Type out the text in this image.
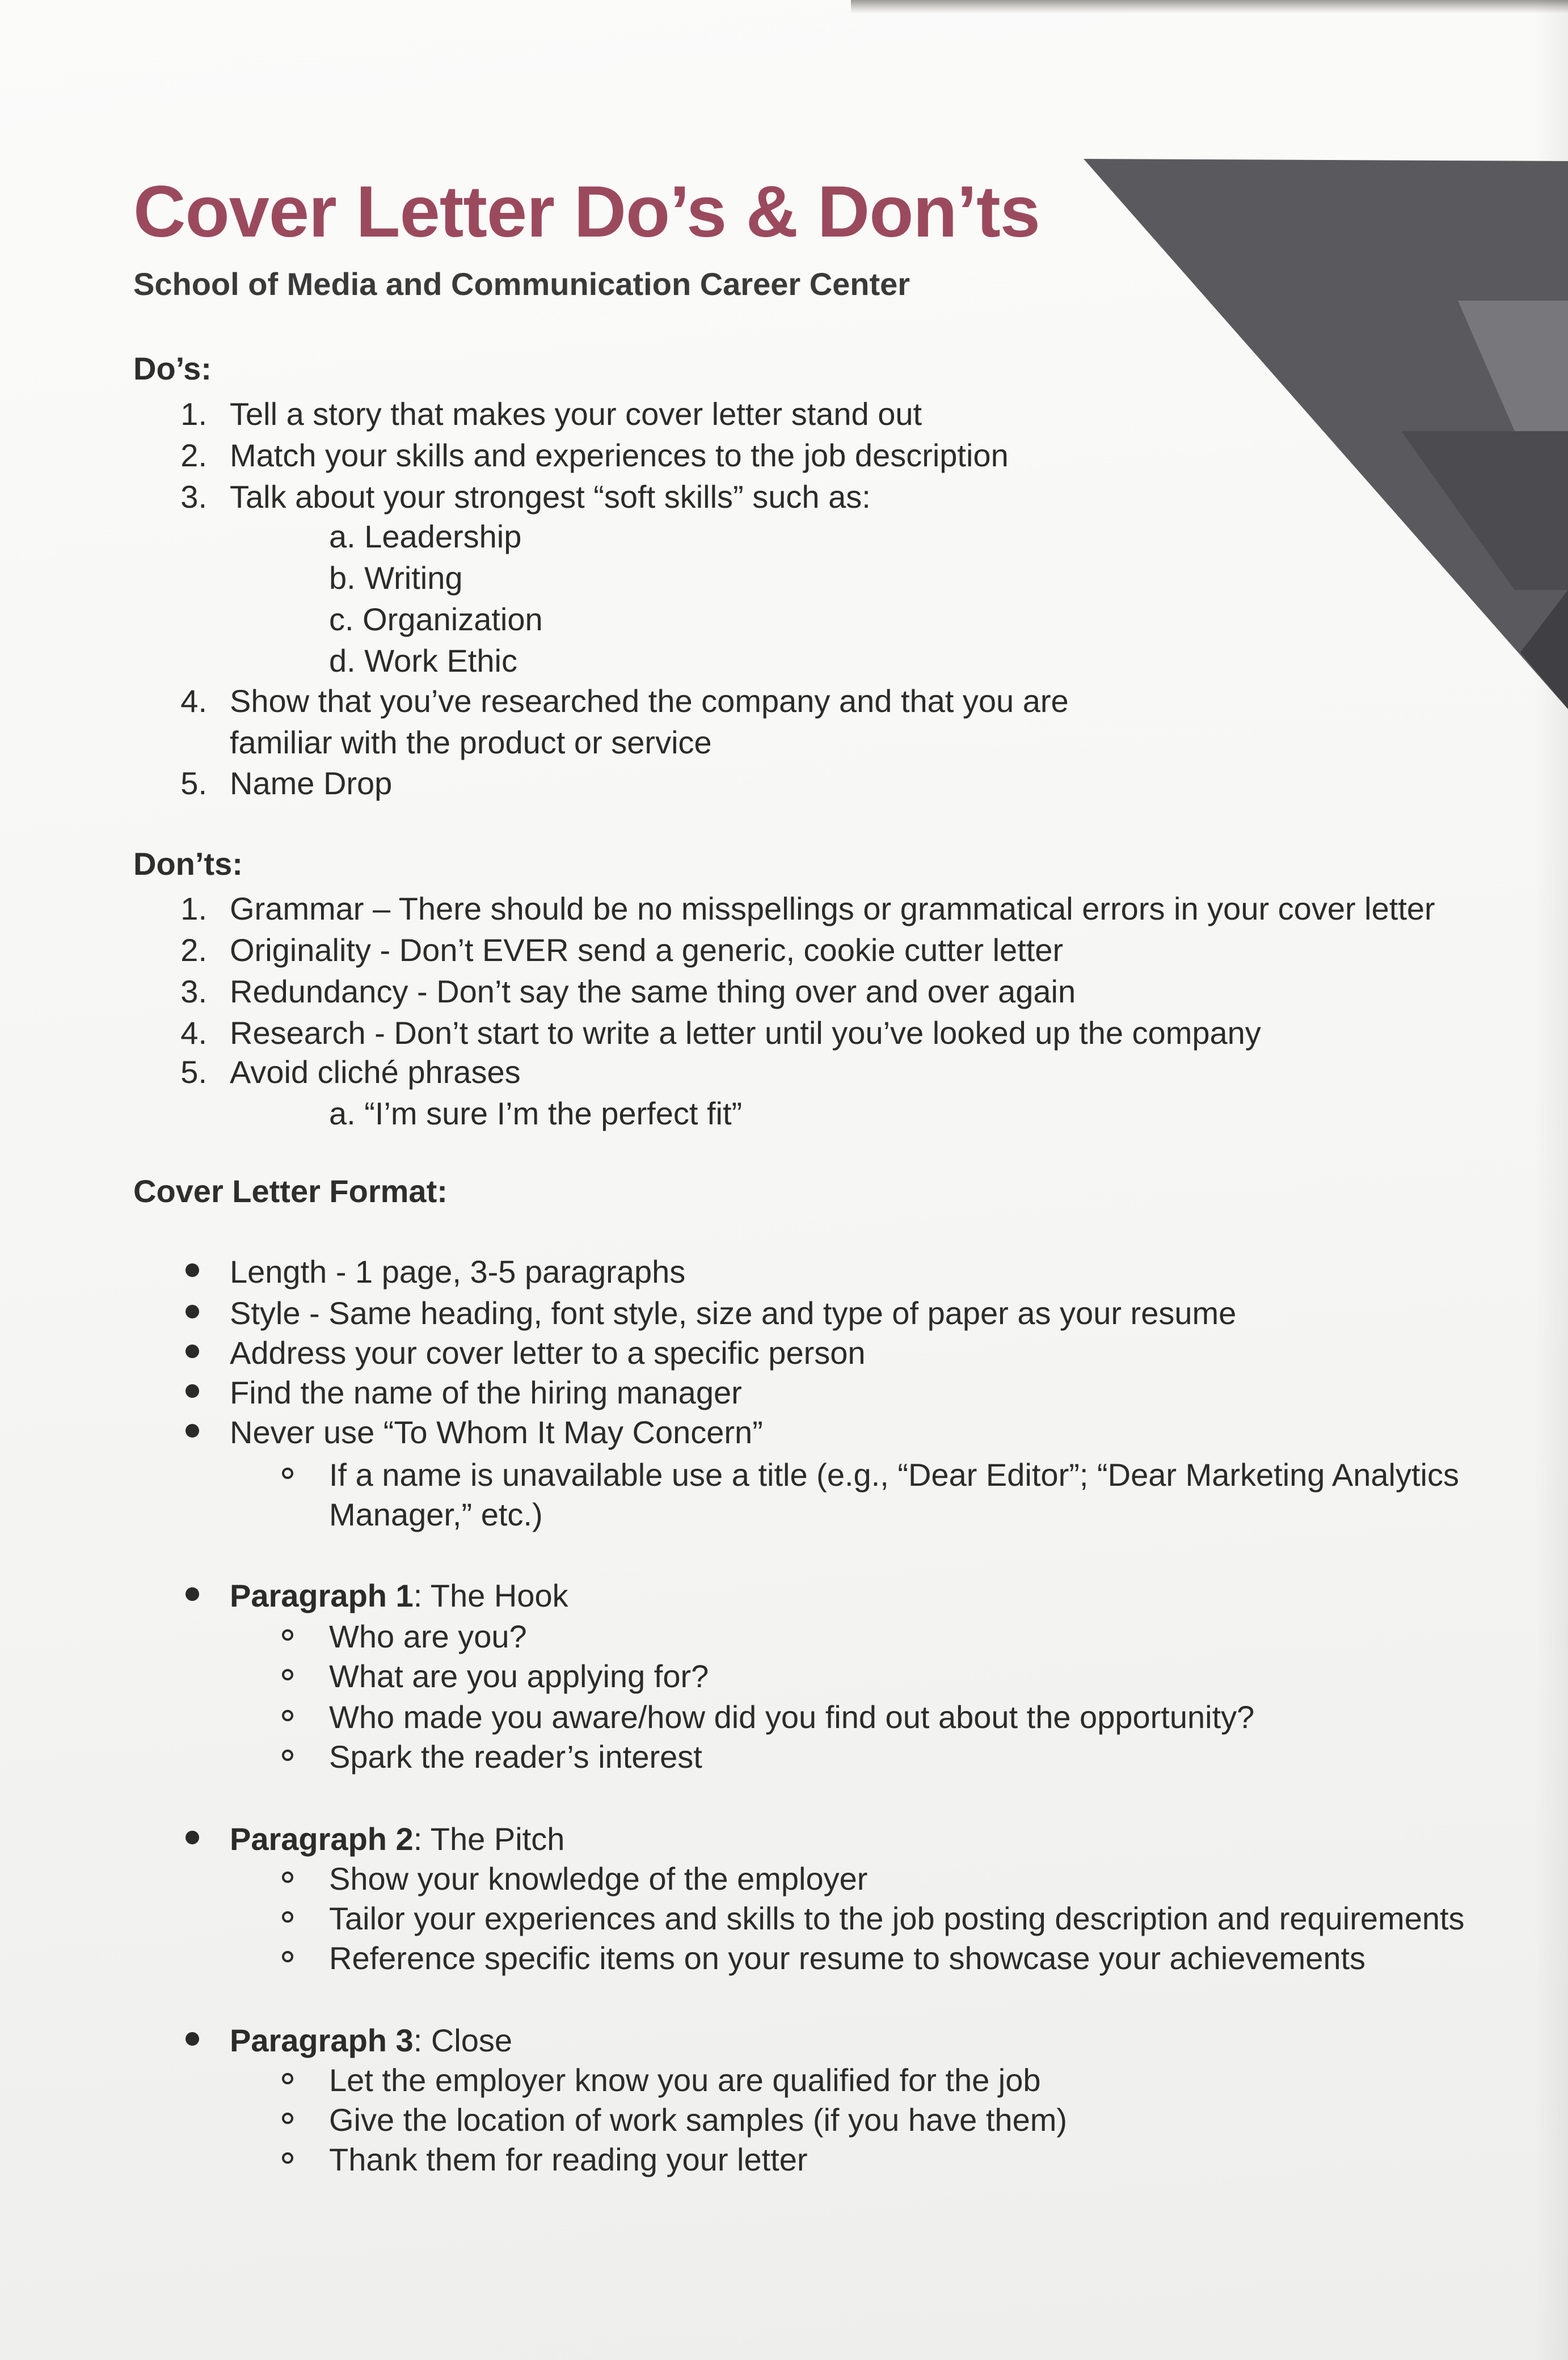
Cover Letter Do’s & Don’ts
School of Media and Communication Career Center
Do’s:
1. Tell a story that makes your cover letter stand out
2. Match your skills and experiences to the job description
3. Talk about your strongest “soft skills” such as:
a. Leadership
b. Writing
c. Organization
d. Work Ethic
4. Show that you’ve researched the company and that you are
familiar with the product or service
5. Name Drop
Don’ts:
1. Grammar – There should be no misspellings or grammatical errors in your cover letter
2. Originality - Don’t EVER send a generic, cookie cutter letter
3. Redundancy - Don’t say the same thing over and over again
4. Research - Don’t start to write a letter until you’ve looked up the company
5. Avoid cliché phrases
a. “I’m sure I’m the perfect fit”
Cover Letter Format:
Length - 1 page, 3-5 paragraphs
Style - Same heading, font style, size and type of paper as your resume
Address your cover letter to a specific person
Find the name of the hiring manager
Never use “To Whom It May Concern”
If a name is unavailable use a title (e.g., “Dear Editor”; “Dear Marketing Analytics
Manager,” etc.)
Paragraph 1: The Hook
Who are you?
What are you applying for?
Who made you aware/how did you find out about the opportunity?
Spark the reader’s interest
Paragraph 2: The Pitch
Show your knowledge of the employer
Tailor your experiences and skills to the job posting description and requirements
Reference specific items on your resume to showcase your achievements
Paragraph 3: Close
Let the employer know you are qualified for the job
Give the location of work samples (if you have them)
Thank them for reading your letter
